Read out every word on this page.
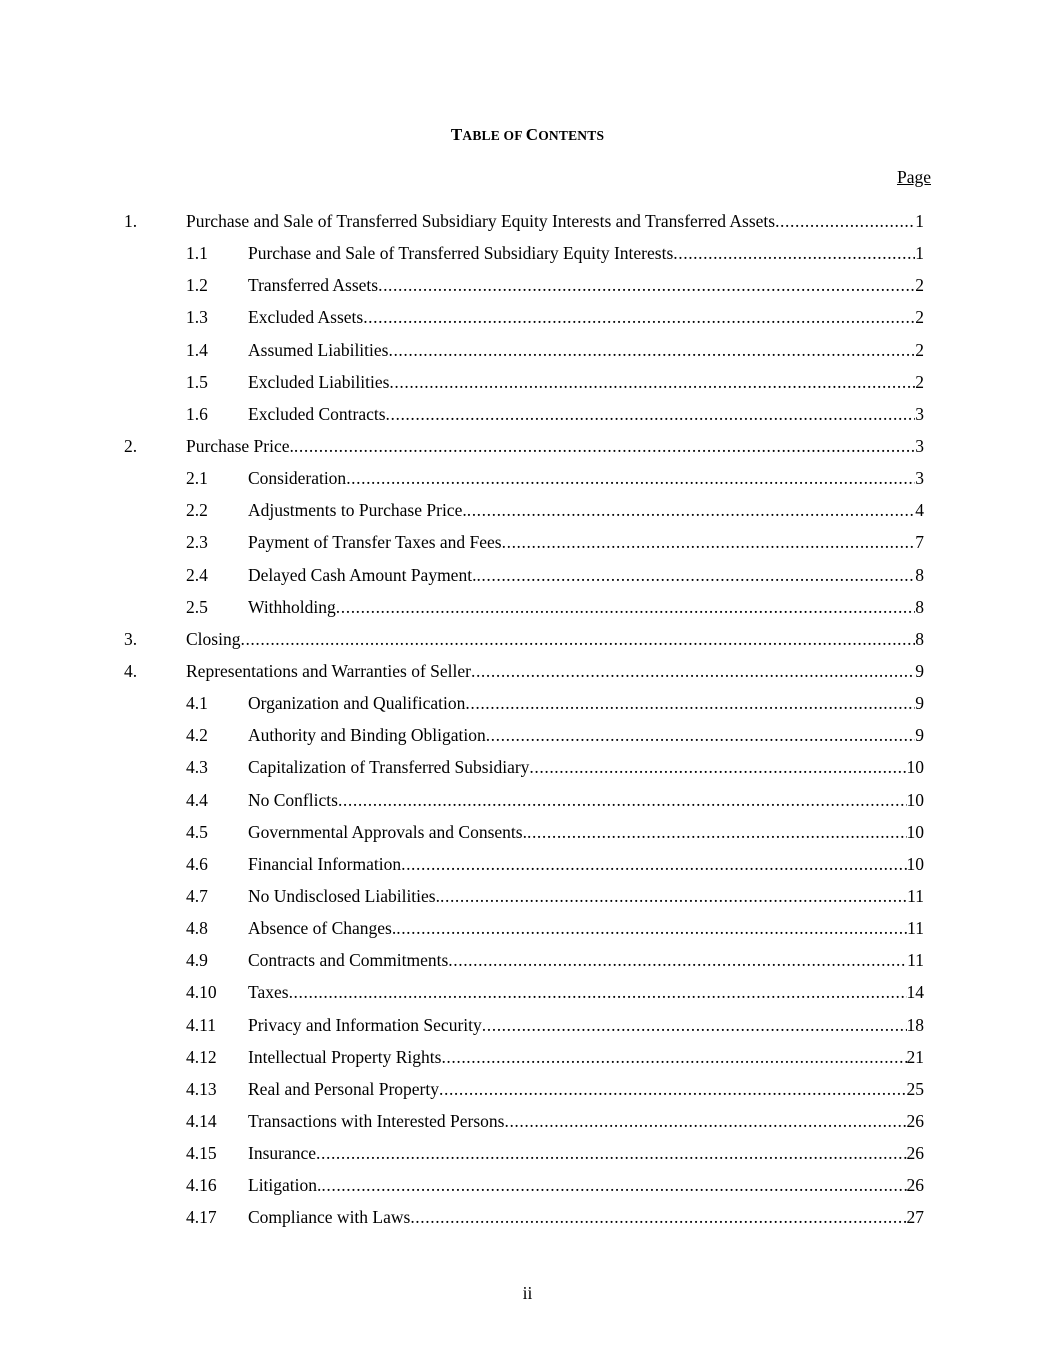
TABLE OF CONTENTS
Page
1.	Purchase and Sale of Transferred Subsidiary Equity Interests and Transferred Assets .....	1
1.1 Purchase and Sale of Transferred Subsidiary Equity Interests .....	1
1.2 Transferred Assets .....	2
1.3 Excluded Assets .....	2
1.4 Assumed Liabilities .....	2
1.5 Excluded Liabilities .....	2
1.6 Excluded Contracts .....	3
2.	Purchase Price. .....	3
2.1 Consideration .....	3
2.2 Adjustments to Purchase Price. .....	4
2.3 Payment of Transfer Taxes and Fees .....	7
2.4 Delayed Cash Amount Payment. .....	8
2.5 Withholding .....	8
3.	Closing .....	8
4.	Representations and Warranties of Seller .....	9
4.1 Organization and Qualification .....	9
4.2 Authority and Binding Obligation .....	9
4.3 Capitalization of Transferred Subsidiary .....	10
4.4 No Conflicts .....	10
4.5 Governmental Approvals and Consents. .....	10
4.6 Financial Information .....	10
4.7 No Undisclosed Liabilities. .....	11
4.8 Absence of Changes. .....	11
4.9 Contracts and Commitments .....	11
4.10 Taxes .....	14
4.11 Privacy and Information Security .....	18
4.12 Intellectual Property Rights .....	21
4.13 Real and Personal Property .....	25
4.14 Transactions with Interested Persons .....	26
4.15 Insurance .....	26
4.16 Litigation. .....	26
4.17 Compliance with Laws .....	27
ii
